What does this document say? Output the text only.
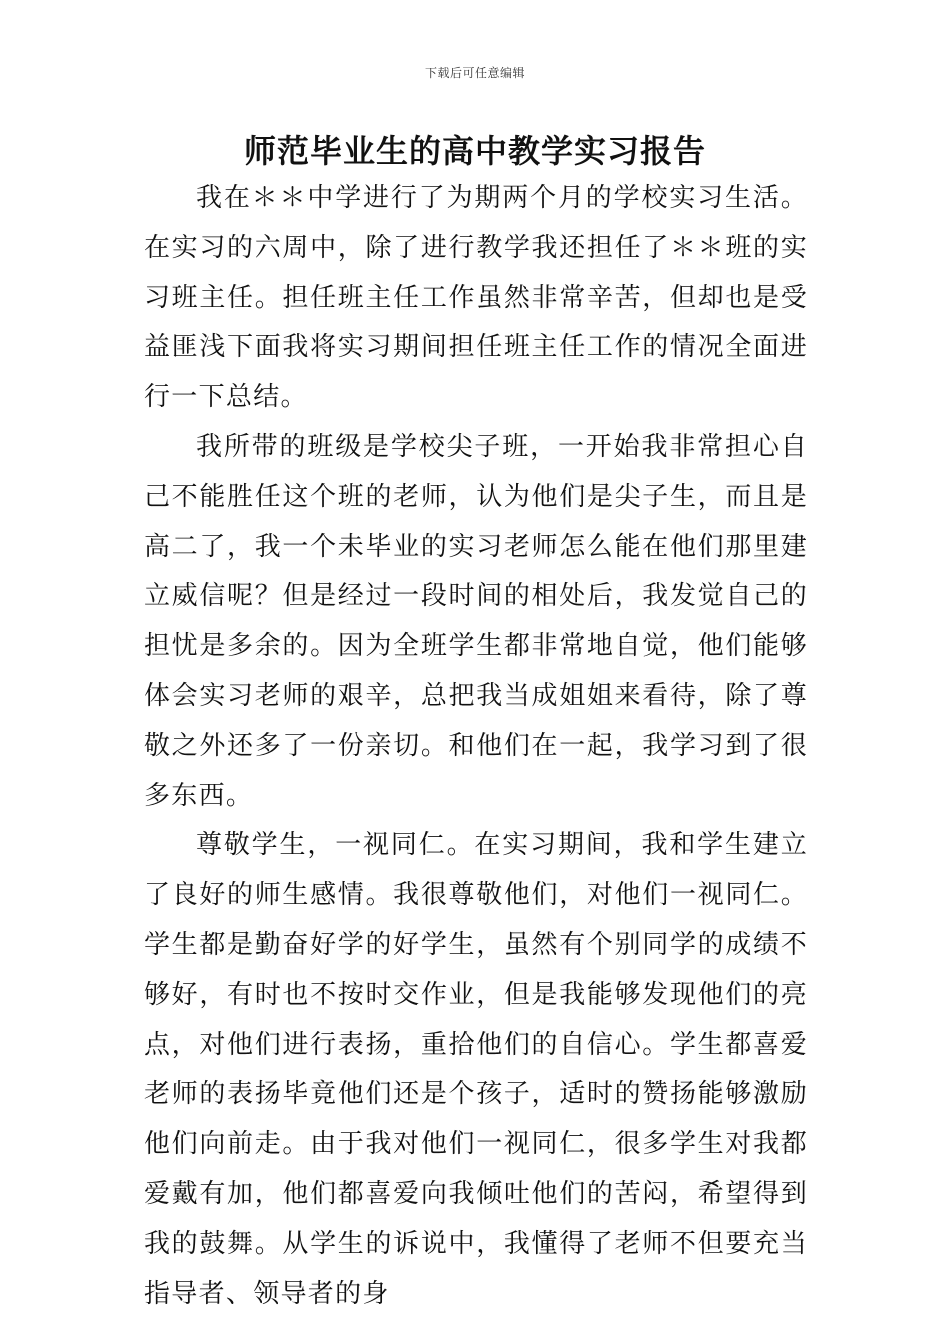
下载后可任意编辑
师范毕业生的高中教学实习报告

我在＊＊中学进行了为期两个月的学校实习生活。在实习的六周中，除了进行教学我还担任了＊＊班的实习班主任。担任班主任工作虽然非常辛苦，但却也是受益匪浅下面我将实习期间担任班主任工作的情况全面进行一下总结。

我所带的班级是学校尖子班，一开始我非常担心自己不能胜任这个班的老师，认为他们是尖子生，而且是高二了，我一个未毕业的实习老师怎么能在他们那里建立威信呢？但是经过一段时间的相处后，我发觉自己的担忧是多余的。因为全班学生都非常地自觉，他们能够体会实习老师的艰辛，总把我当成姐姐来看待，除了尊敬之外还多了一份亲切。和他们在一起，我学习到了很多东西。

尊敬学生，一视同仁。在实习期间，我和学生建立了良好的师生感情。我很尊敬他们，对他们一视同仁。学生都是勤奋好学的好学生，虽然有个别同学的成绩不够好，有时也不按时交作业，但是我能够发现他们的亮点，对他们进行表扬，重拾他们的自信心。学生都喜爱老师的表扬毕竟他们还是个孩子，适时的赞扬能够激励他们向前走。由于我对他们一视同仁，很多学生对我都爱戴有加，他们都喜爱向我倾吐他们的苦闷，希望得到我的鼓舞。从学生的诉说中，我懂得了老师不但要充当指导者、领导者的身
